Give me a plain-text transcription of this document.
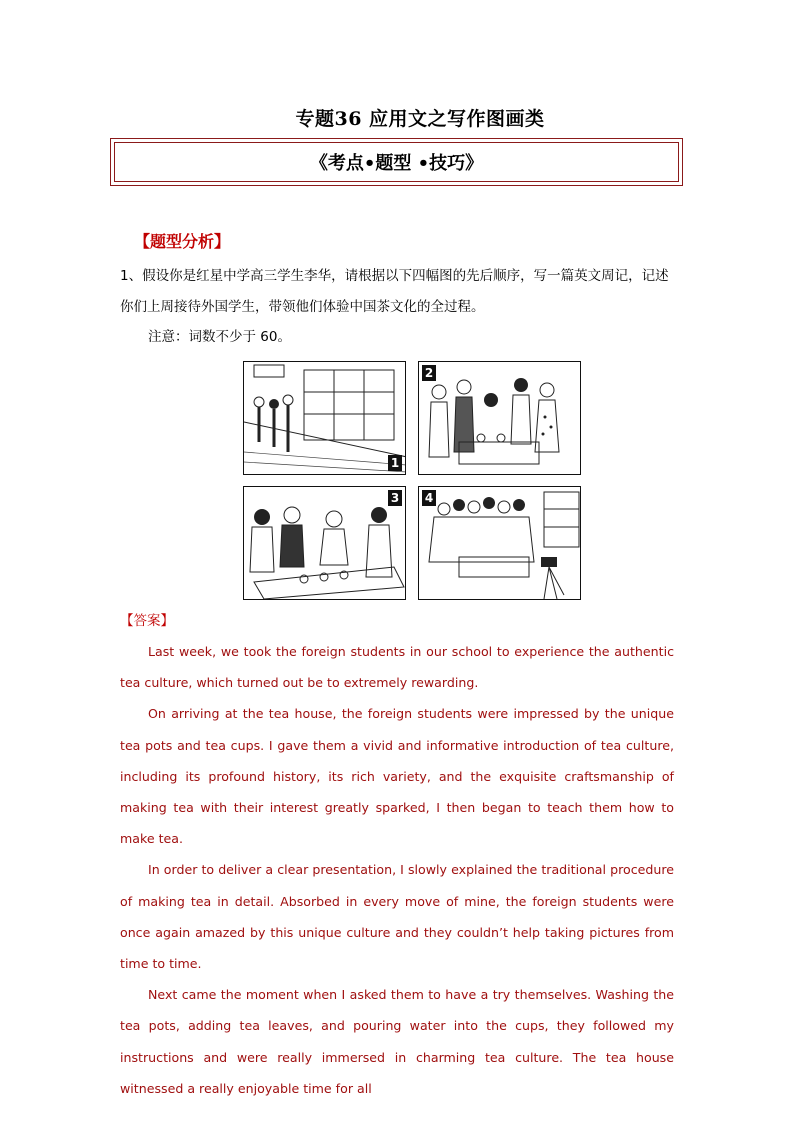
专题36 应用文之写作图画类
《考点•题型 •技巧》
【题型分析】
1、假设你是红星中学高三学生李华，请根据以下四幅图的先后顺序，写一篇英文周记，记述你们上周接待外国学生，带领他们体验中国茶文化的全过程。
注意：词数不少于 60。
1
2
3 4
【答案】

Last week, we took the foreign students in our school to experience the authentic tea culture, which turned out be to extremely rewarding.

On arriving at the tea house, the foreign students were impressed by the unique tea pots and tea cups. I gave them a vivid and informative introduction of tea culture, including its profound history, its rich variety, and the exquisite craftsmanship of making tea with their interest greatly sparked, I then began to teach them how to make tea.

In order to deliver a clear presentation, I slowly explained the traditional procedure of making tea in detail. Absorbed in every move of mine, the foreign students were once again amazed by this unique culture and they couldn’t help taking pictures from time to time.

Next came the moment when I asked them to have a try themselves. Washing the tea pots, adding tea leaves, and pouring water into the cups, they followed my instructions and were really immersed in charming tea culture. The tea house witnessed a really enjoyable time for all
